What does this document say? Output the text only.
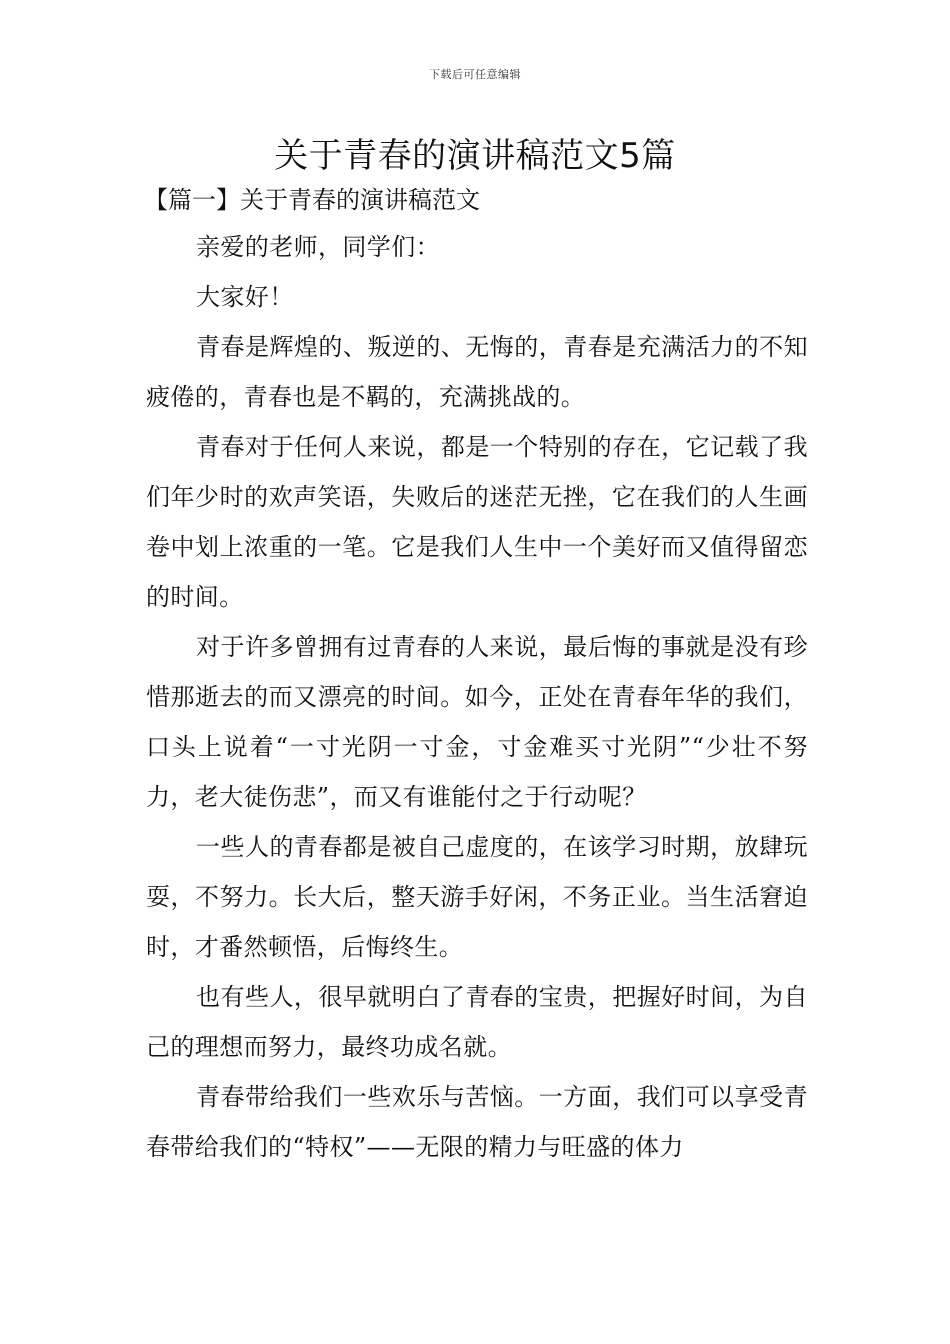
下载后可任意编辑
关于青春的演讲稿范文5篇
【篇一】关于青春的演讲稿范文

亲爱的老师，同学们：

大家好！

青春是辉煌的、叛逆的、无悔的，青春是充满活力的不知疲倦的，青春也是不羁的，充满挑战的。

青春对于任何人来说，都是一个特别的存在，它记载了我们年少时的欢声笑语，失败后的迷茫无挫，它在我们的人生画卷中划上浓重的一笔。它是我们人生中一个美好而又值得留恋的时间。

对于许多曾拥有过青春的人来说，最后悔的事就是没有珍惜那逝去的而又漂亮的时间。如今，正处在青春年华的我们，口头上说着“一寸光阴一寸金，寸金难买寸光阴”“少壮不努力，老大徒伤悲”，而又有谁能付之于行动呢？

一些人的青春都是被自己虚度的，在该学习时期，放肆玩耍，不努力。长大后，整天游手好闲，不务正业。当生活窘迫时，才番然顿悟，后悔终生。

也有些人，很早就明白了青春的宝贵，把握好时间，为自己的理想而努力，最终功成名就。

青春带给我们一些欢乐与苦恼。一方面，我们可以享受青春带给我们的“特权”——无限的精力与旺盛的体力
